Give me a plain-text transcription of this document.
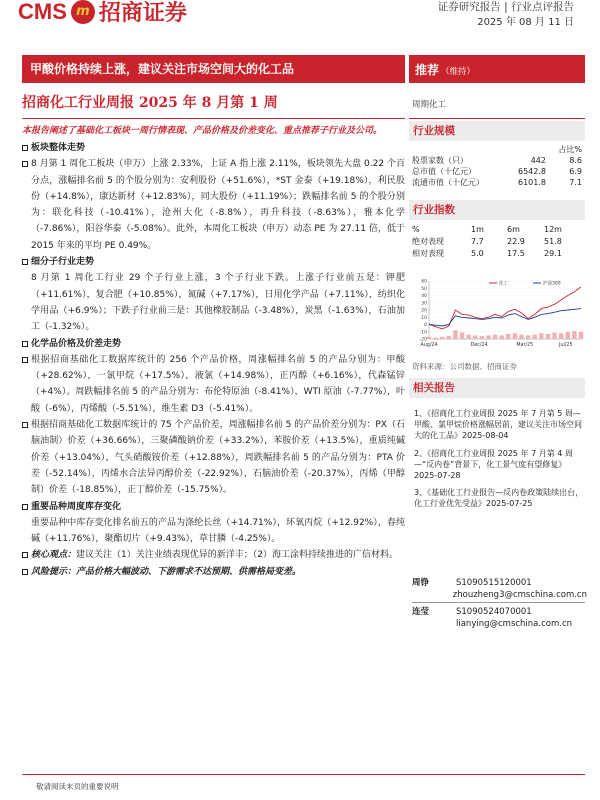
CMS m 招商证券	证券研究报告 | 行业点评报告
2025 年 08 月 11 日
甲酸价格持续上涨，建议关注市场空间大的化工品	推荐 （维持）
招商化工行业周报 2025 年 8 月第 1 周	周期化工
本报告阐述了基础化工板块一周行情表现、产品价格及价差变化、重点推荐子行业及公司。
板块整体走势
8 月第 1 周化工板块（申万）上涨 2.33%，上证 A 指上涨 2.11%，板块领先大盘 0.22 个百分点，涨幅排名前 5 的个股分别为：安利股份（+51.6%），*ST 金泰（+19.18%），利民股份（+14.8%），康达新材（+12.83%），同大股份（+11.19%）；跌幅排名前 5 的个股分别为：联化科技（-10.41%），沧州大化（-8.8%），再升科技（-8.63%），雅本化学（-7.86%），阳谷华泰（-5.08%）。此外，本周化工板块（申万）动态 PE 为 27.11 倍，低于 2015 年来的平均 PE 0.49%。
细分子行业走势
8 月第 1 周化工行业 29 个子行业上涨，3 个子行业下跌。上涨子行业前五是：钾肥（+11.61%），复合肥（+10.85%），氮碱（+7.17%），日用化学产品（+7.11%），纺织化学用品（+6.9%）；下跌子行业前三是：其他橡胶制品（-3.48%），炭黑（-1.63%），石油加工（-1.32%）。
化学品价格及价差走势
根据招商基础化工数据库统计的 256 个产品价格，周涨幅排名前 5 的产品分别为：甲酸（+28.62%），一氯甲烷（+17.5%），液氯（+14.98%），正丙醇（+6.16%），代森锰锌（+4%）。周跌幅排名前 5 的产品分别为：布伦特原油（-8.41%），WTI 原油（-7.77%），叶酸（-6%），丙烯酸（-5.51%），维生素 D3（-5.41%）。
根据招商基础化工数据库统计的 75 个产品价差，周涨幅排名前 5 的产品价差分别为：PX（石脑油制）价差（+36.66%），三聚磷酸钠价差（+33.2%），苯胺价差（+13.5%），重质纯碱价差（+13.04%），气头硝酸铵价差（+12.88%），周跌幅排名前 5 的产品分别为：PTA 价差（-52.14%），丙烯水合法异丙醇价差（-22.92%），石脑油价差（-20.37%），丙烯（甲醇制）价差（-18.85%），正丁醇价差（-15.75%）。
重要品种周度库存变化
重要品种中库存变化排名前五的产品为涤纶长丝（+14.71%），环氧丙烷（+12.92%），春纯碱（+11.76%），聚酯切片（+9.43%），草甘膦（-4.25%）。
核心观点：建议关注（1）关注业绩表现优异的新洋丰；（2）海工涂料持续推进的广信材料。
风险提示：产品价格大幅波动、下游需求不达预期、供需格局变差。
行业规模
占比%
股票家数（只）	442	8.6
总市值（十亿元）	6542.8	6.9
流通市值（十亿元）	6101.8	7.1
行业指数
%	1m	6m	12m
绝对表现	7.7	22.9	51.8
相对表现	5.0	17.5	29.1
-20
-10
0
10
20
30
40
50
60	化工	沪深300
Aug/24	Dec/24	Mar/25	Jul/25
资料来源：公司数据、招商证券
相关报告
1、《招商化工行业周报 2025 年 7 月第 5 周—甲酸、氯甲烷价格涨幅居前，建议关注市场空间大的化工品》2025-08-04
2、《招商化工行业周报 2025 年 7 月第 4 周—“反内卷”背景下，化工景气度有望修复》2025-07-28
3、《基础化工行业报告—反内卷政策陆续出台，化工行业优先受益》2025-07-25
周铮	S1090515120001
zhouzheng3@cmschina.com.cn
连莹	S1090524070001
lianying@cmschina.com.cn
敬请阅读末页的重要说明
